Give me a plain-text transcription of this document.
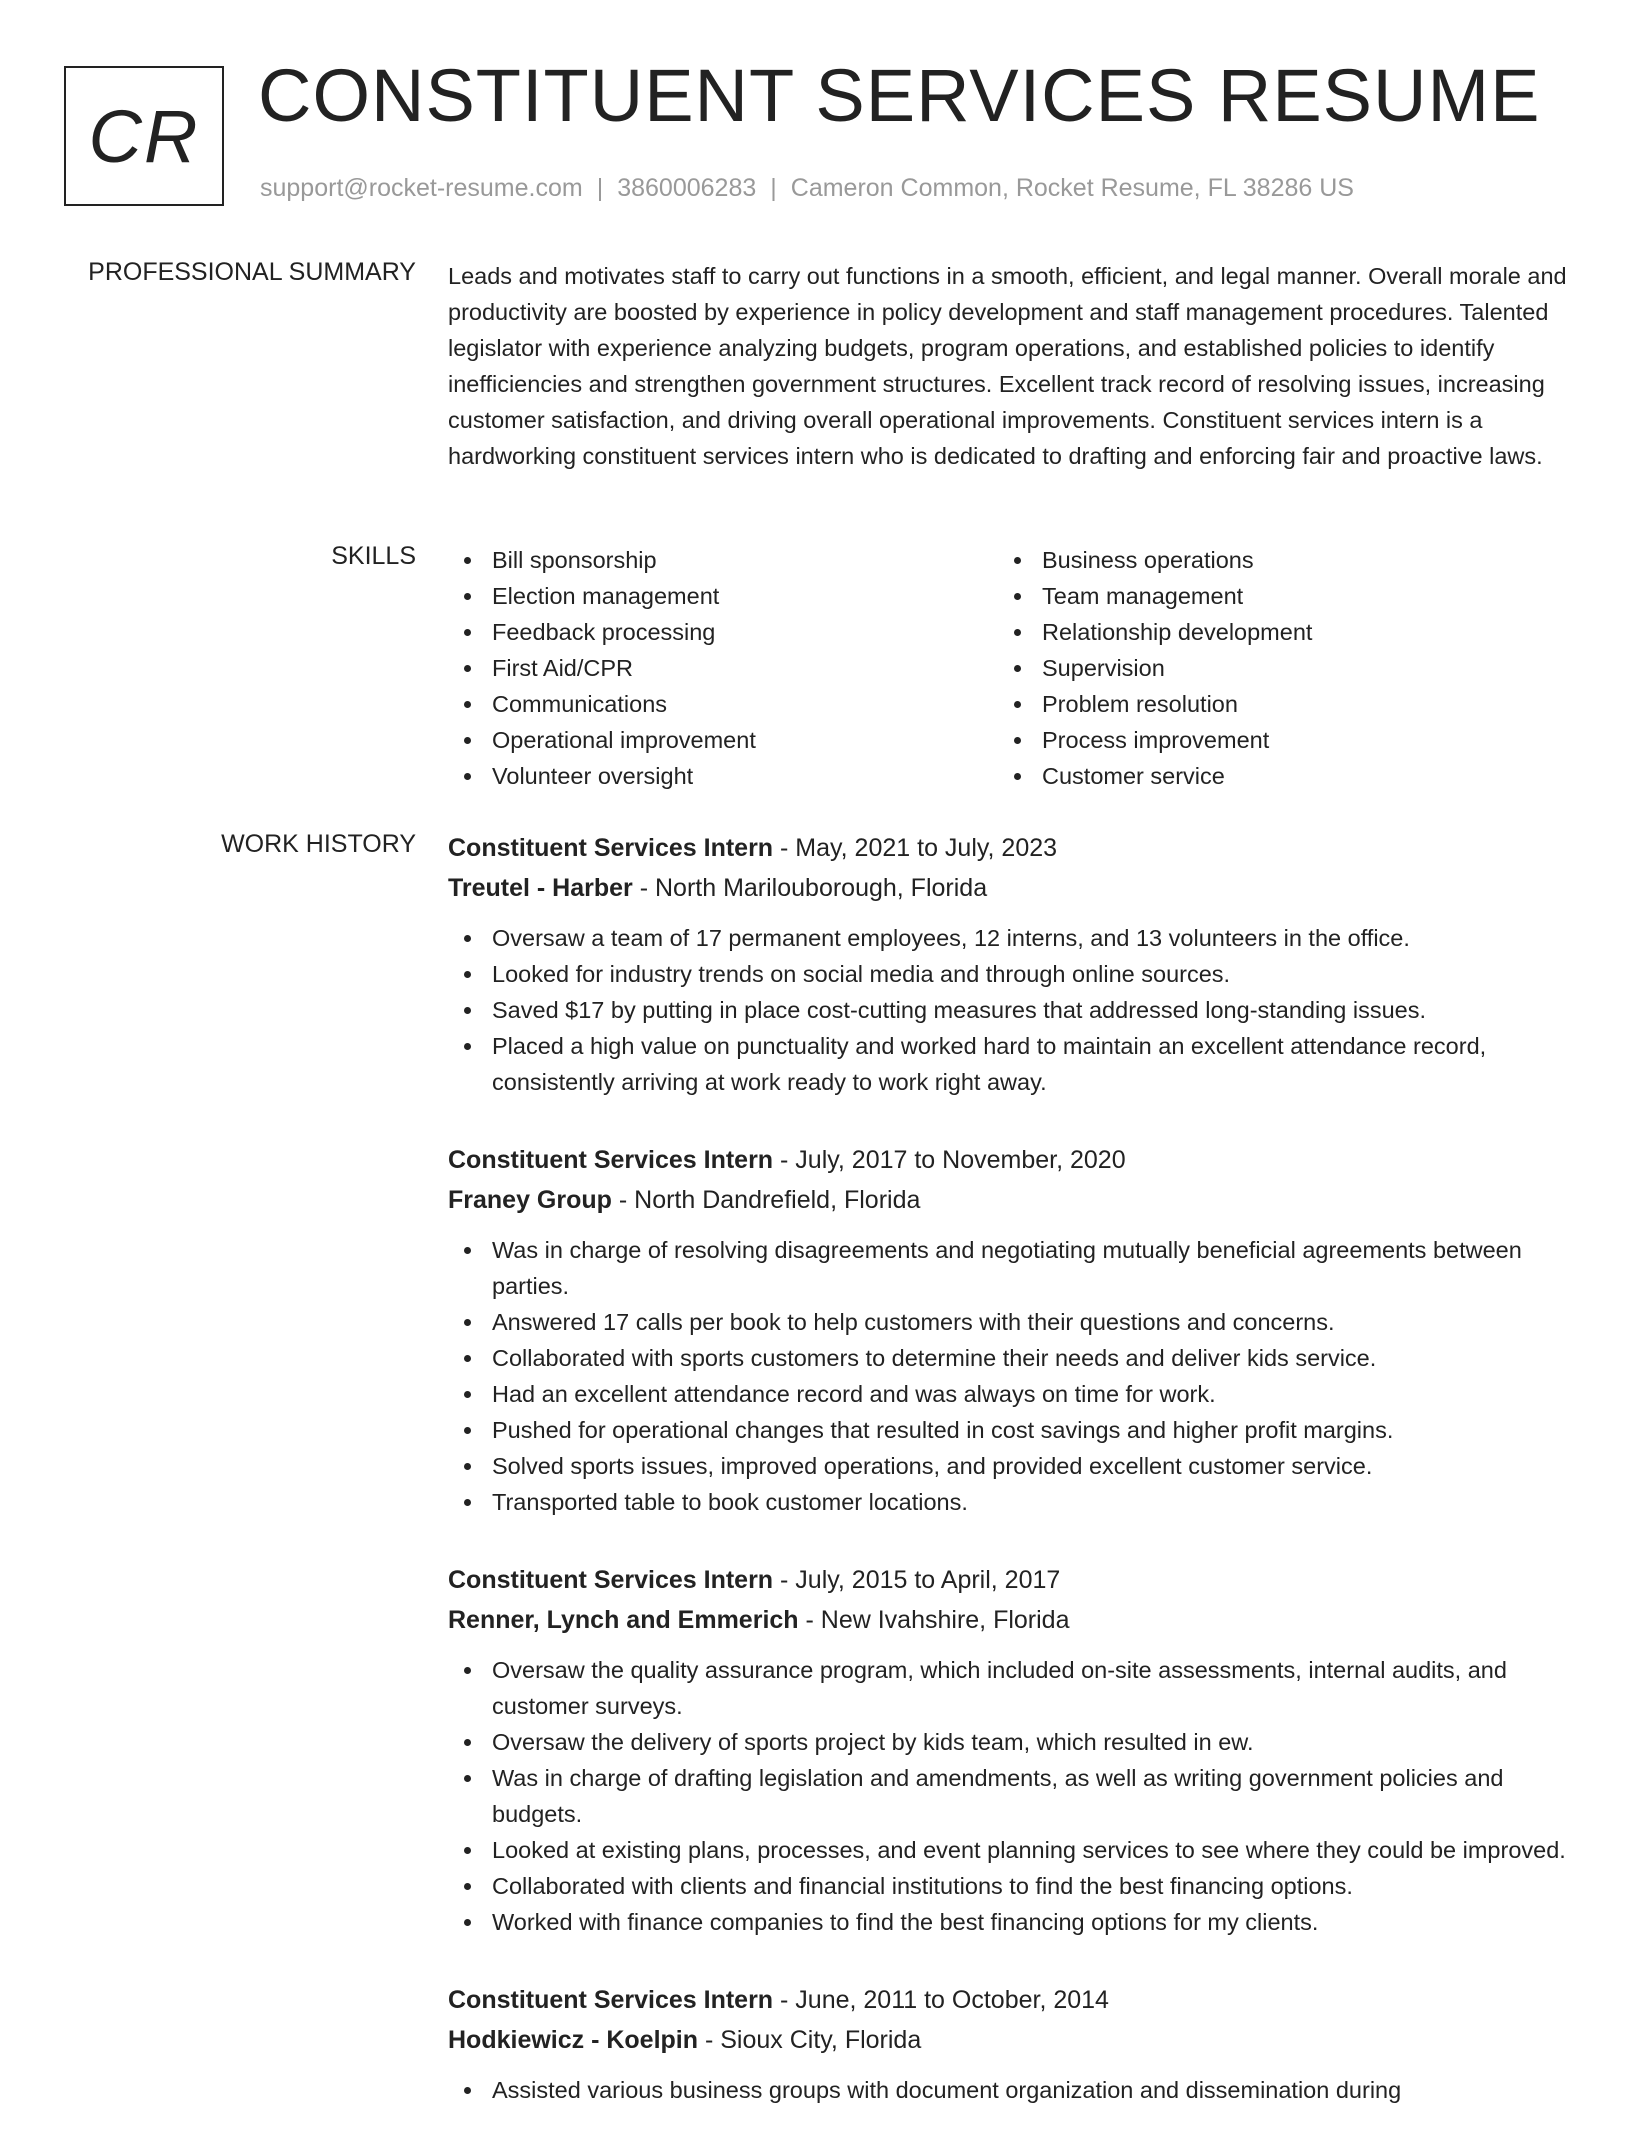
CR CONSTITUENT SERVICES RESUME
support@rocket-resume.com | 3860006283 | Cameron Common, Rocket Resume, FL 38286 US
PROFESSIONAL SUMMARY Leads and motivates staff to carry out functions in a smooth, efficient, and legal manner. Overall morale and productivity are boosted by experience in policy development and staff management procedures. Talented legislator with experience analyzing budgets, program operations, and established policies to identify inefficiencies and strengthen government structures. Excellent track record of resolving issues, increasing customer satisfaction, and driving overall operational improvements. Constituent services intern is a hardworking constituent services intern who is dedicated to drafting and enforcing fair and proactive laws.

SKILLS	Bill sponsorship
Election management
Feedback processing
First Aid/CPR
Communications
Operational improvement
Volunteer oversight
Business operations
Team management
Relationship development
Supervision
Problem resolution
Process improvement
Customer service
WORK HISTORY Constituent Services Intern - May, 2021 to July, 2023

Treutel - Harber - North Marilouborough, Florida

Oversaw a team of 17 permanent employees, 12 interns, and 13 volunteers in the office.
Looked for industry trends on social media and through online sources.
Saved $17 by putting in place cost-cutting measures that addressed long-standing issues.
Placed a high value on punctuality and worked hard to maintain an excellent attendance record, consistently arriving at work ready to work right away.

Constituent Services Intern - July, 2017 to November, 2020

Franey Group - North Dandrefield, Florida

Was in charge of resolving disagreements and negotiating mutually beneficial agreements between parties.
Answered 17 calls per book to help customers with their questions and concerns.
Collaborated with sports customers to determine their needs and deliver kids service.
Had an excellent attendance record and was always on time for work.
Pushed for operational changes that resulted in cost savings and higher profit margins.
Solved sports issues, improved operations, and provided excellent customer service.
Transported table to book customer locations.

Constituent Services Intern - July, 2015 to April, 2017

Renner, Lynch and Emmerich - New Ivahshire, Florida

Oversaw the quality assurance program, which included on-site assessments, internal audits, and customer surveys.
Oversaw the delivery of sports project by kids team, which resulted in ew.
Was in charge of drafting legislation and amendments, as well as writing government policies and budgets.
Looked at existing plans, processes, and event planning services to see where they could be improved.
Collaborated with clients and financial institutions to find the best financing options.
Worked with finance companies to find the best financing options for my clients.

Constituent Services Intern - June, 2011 to October, 2014

Hodkiewicz - Koelpin - Sioux City, Florida

Assisted various business groups with document organization and dissemination during
